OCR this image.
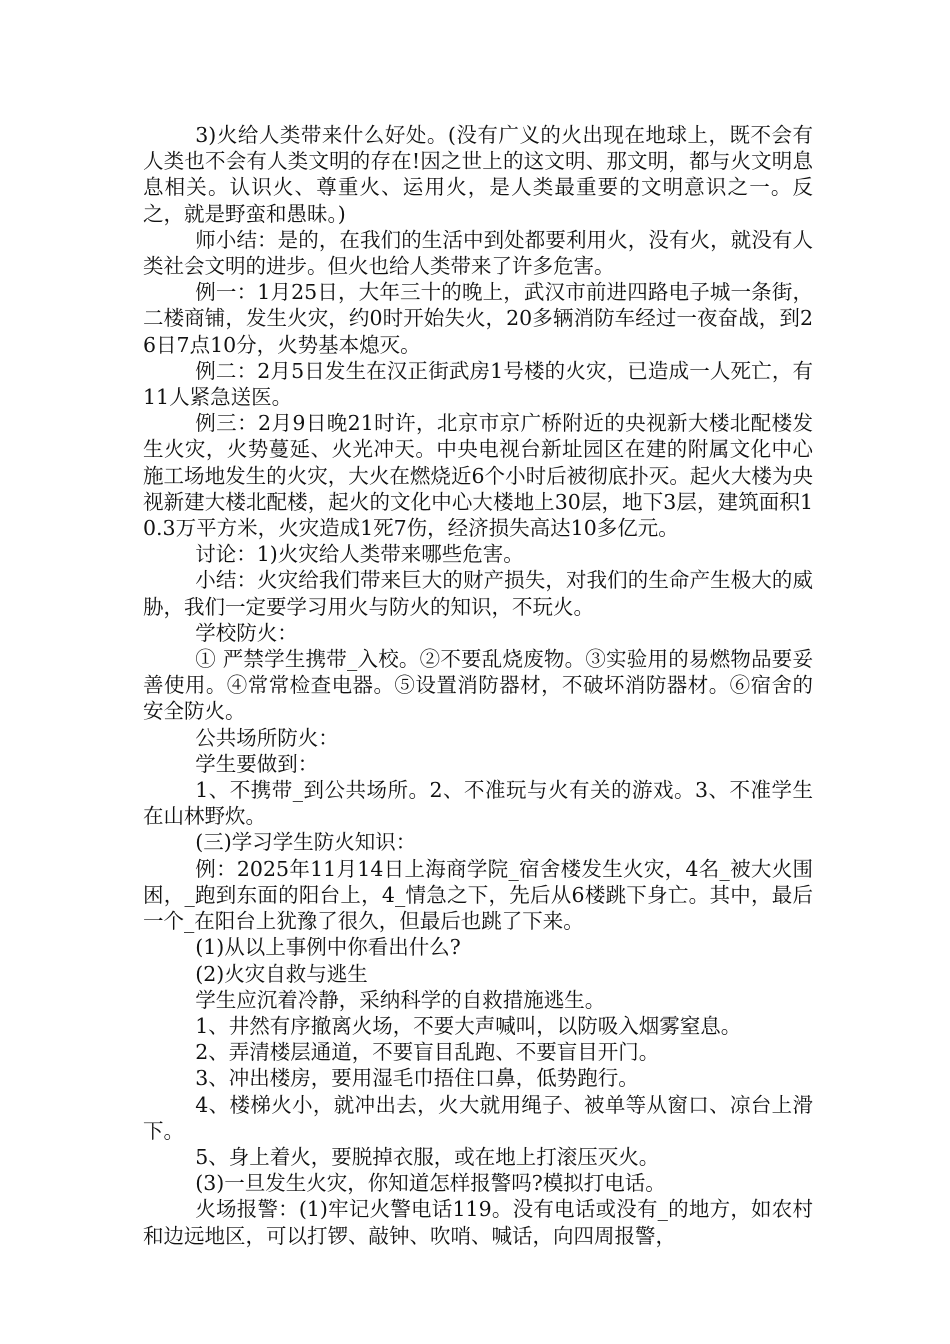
3)火给人类带来什么好处。(没有广义的火出现在地球上，既不会有人类也不会有人类文明的存在!因之世上的这文明、那文明，都与火文明息息相关。认识火、尊重火、运用火，是人类最重要的文明意识之一。反之，就是野蛮和愚昧。)

师小结：是的，在我们的生活中到处都要利用火，没有火，就没有人类社会文明的进步。但火也给人类带来了许多危害。

例一：1月25日，大年三十的晚上，武汉市前进四路电子城一条街，二楼商铺，发生火灾，约0时开始失火，20多辆消防车经过一夜奋战，到26日7点10分，火势基本熄灭。

例二：2月5日发生在汉正街武房1号楼的火灾，已造成一人死亡，有11人紧急送医。

例三：2月9日晚21时许，北京市京广桥附近的央视新大楼北配楼发生火灾，火势蔓延、火光冲天。中央电视台新址园区在建的附属文化中心施工场地发生的火灾，大火在燃烧近6个小时后被彻底扑灭。起火大楼为央视新建大楼北配楼，起火的文化中心大楼地上30层，地下3层，建筑面积10.3万平方米，火灾造成1死7伤，经济损失高达10多亿元。

讨论：1)火灾给人类带来哪些危害。

小结：火灾给我们带来巨大的财产损失，对我们的生命产生极大的威胁，我们一定要学习用火与防火的知识，不玩火。

学校防火：

① 严禁学生携带_入校。②不要乱烧废物。③实验用的易燃物品要妥善使用。④常常检查电器。⑤设置消防器材，不破坏消防器材。⑥宿舍的安全防火。

公共场所防火：

学生要做到：

1、不携带_到公共场所。2、不准玩与火有关的游戏。3、不准学生在山林野炊。

(三)学习学生防火知识：

例：2025年11月14日上海商学院_宿舍楼发生火灾，4名_被大火围困，_跑到东面的阳台上，4_情急之下，先后从6楼跳下身亡。其中，最后一个_在阳台上犹豫了很久，但最后也跳了下来。

(1)从以上事例中你看出什么?

(2)火灾自救与逃生

学生应沉着冷静，采纳科学的自救措施逃生。

1、井然有序撤离火场，不要大声喊叫，以防吸入烟雾窒息。

2、弄清楼层通道，不要盲目乱跑、不要盲目开门。

3、冲出楼房，要用湿毛巾捂住口鼻，低势跑行。

4、楼梯火小，就冲出去，火大就用绳子、被单等从窗口、凉台上滑下。

5、身上着火，要脱掉衣服，或在地上打滚压灭火。

(3)一旦发生火灾，你知道怎样报警吗?模拟打电话。

火场报警：(1)牢记火警电话119。没有电话或没有_的地方，如农村和边远地区，可以打锣、敲钟、吹哨、喊话，向四周报警，
